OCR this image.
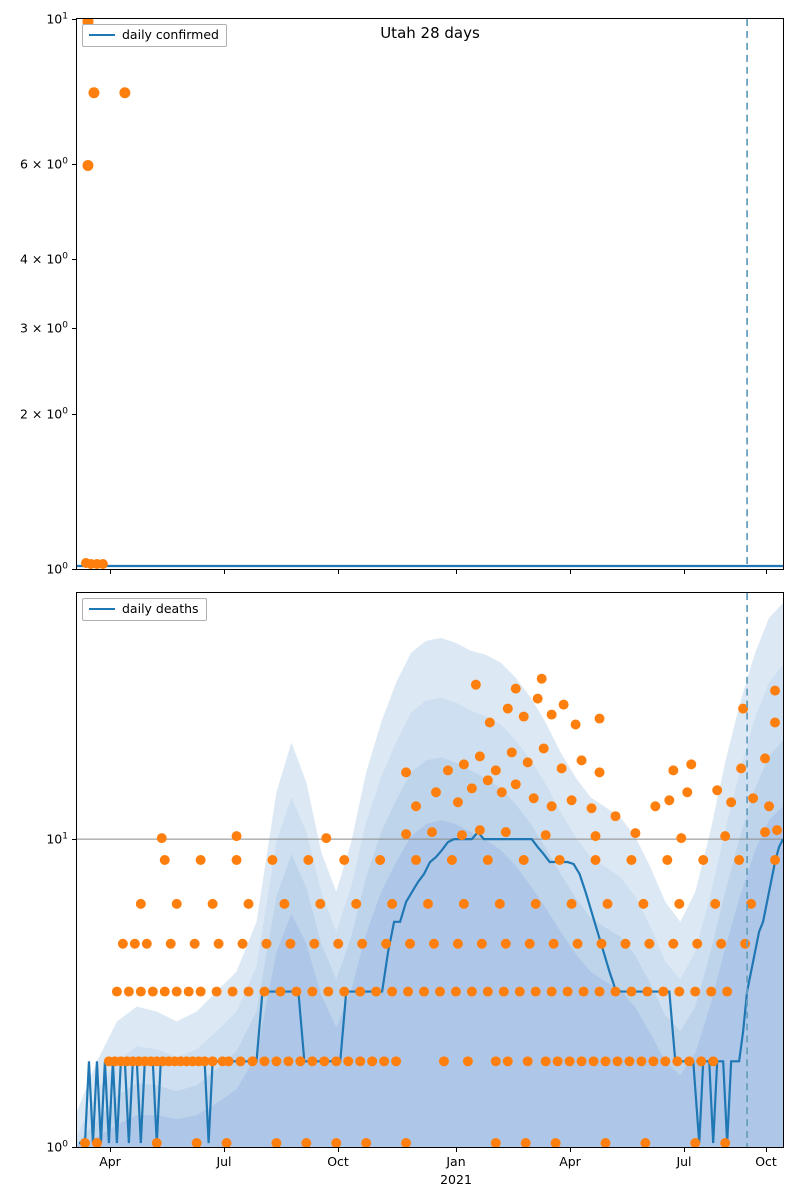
Utah 28 days
$10^1$
$6 \times 10^0$
$4 \times 10^0$
$3 \times 10^0$
$2 \times 10^0$
$10^0$
daily confirmed
$10^1$
$10^0$
Apr	Jul	Oct	Jan	Apr	Jul	Oct
2021
daily deaths
